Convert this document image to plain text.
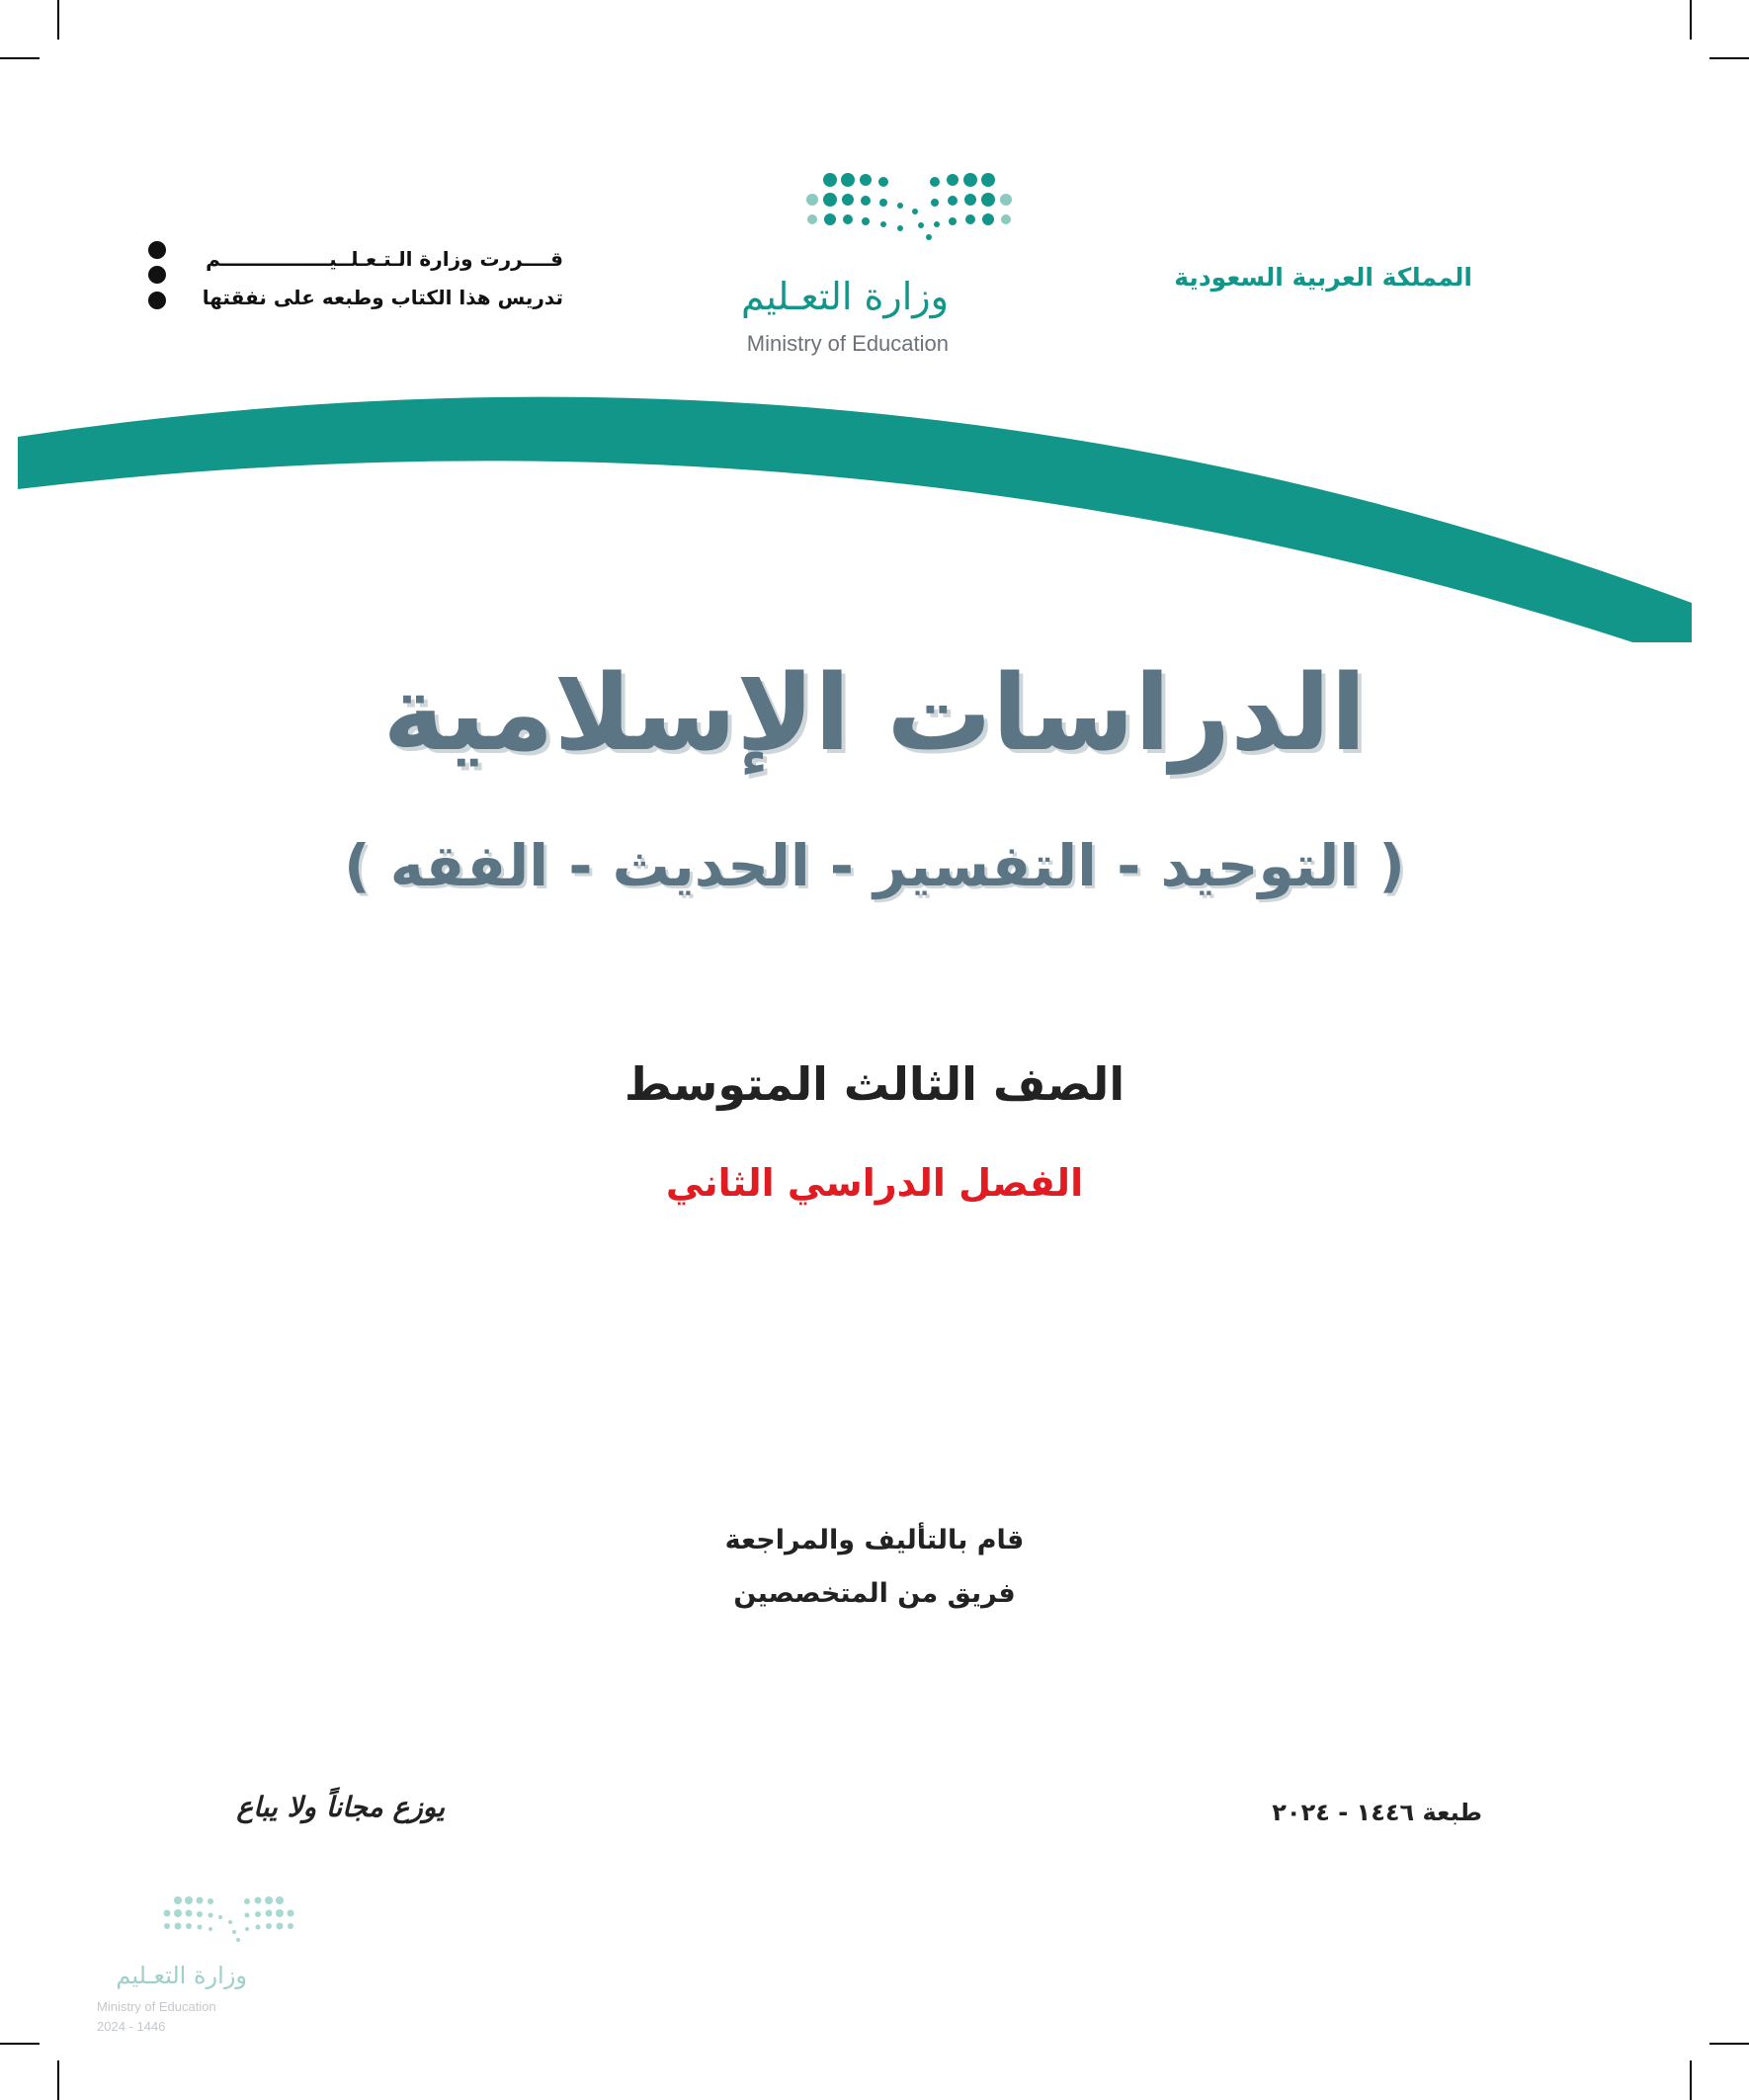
المملكة العربية السعودية
وزارة التعـليم
Ministry of Education
قــــررت وزارة الـتـعـلــيــــــــــــــــم
تدريس هذا الكتاب وطبعه على نفقتها
الدراسات الإسلامية
( التوحيد - التفسير - الحديث - الفقه )
الصف الثالث المتوسط
الفصل الدراسي الثاني
قام بالتأليف والمراجعة
فريق من المتخصصين
طبعة ١٤٤٦ - ٢٠٢٤
يوزع مجاناً ولا يباع
وزارة التعـليم
Ministry of Education
2024 - 1446
